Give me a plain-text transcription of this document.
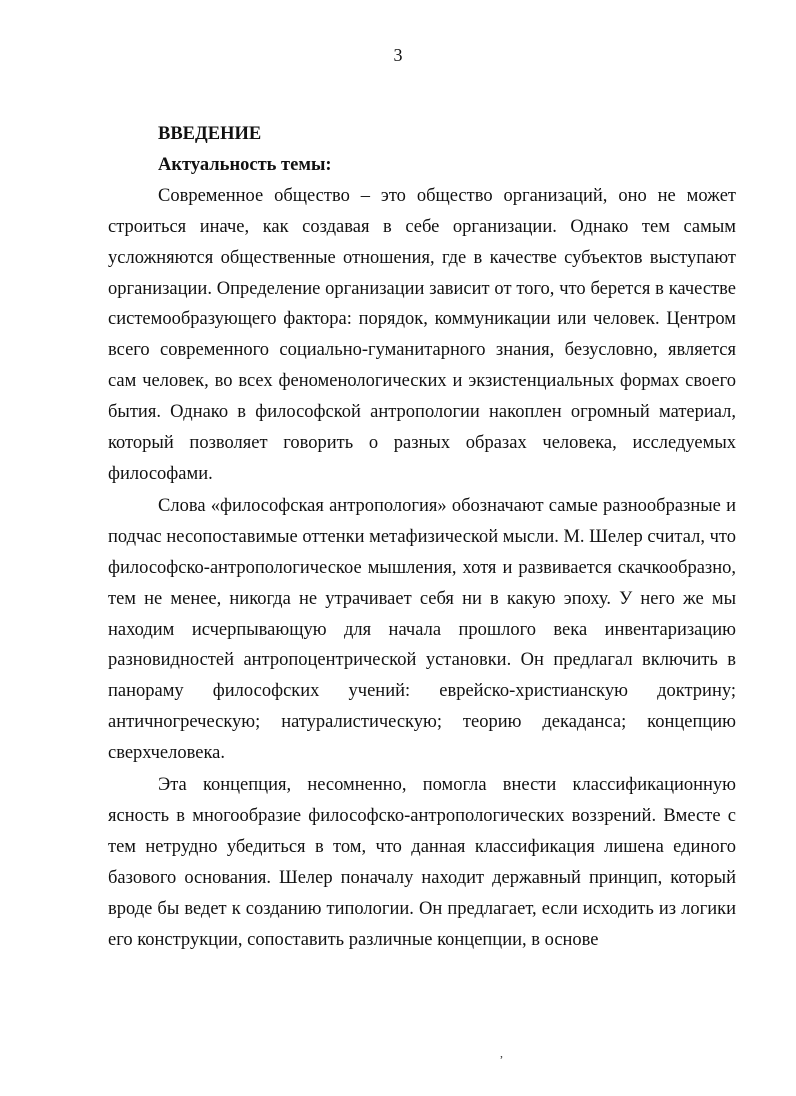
3

ВВЕДЕНИЕ

Актуальность темы:

Современное общество – это общество организаций, оно не может строиться иначе, как создавая в себе организации. Однако тем самым усложняются общественные отношения, где в качестве субъектов выступают организации. Определение организации зависит от того, что берется в качестве системообразующего фактора: порядок, коммуникации или человек. Центром всего современного социально-гуманитарного знания, безусловно, является сам человек, во всех феноменологических и экзистенциальных формах своего бытия. Однако в философской антропологии накоплен огромный материал, который позволяет говорить о разных образах человека, исследуемых философами.

Слова «философская антропология» обозначают самые разнообразные и подчас несопоставимые оттенки метафизической мысли. М. Шелер считал, что философско-антропологическое мышления, хотя и развивается скачкообразно, тем не менее, никогда не утрачивает себя ни в какую эпоху. У него же мы находим исчерпывающую для начала прошлого века инвентаризацию разновидностей антропоцентрической установки. Он предлагал включить в панораму философских учений: еврейско-христианскую доктрину; античногреческую; натуралистическую; теорию декаданса; концепцию сверхчеловека.

Эта концепция, несомненно, помогла внести классификационную ясность в многообразие философско-антропологических воззрений. Вместе с тем нетрудно убедиться в том, что данная классификация лишена единого базового основания. Шелер поначалу находит державный принцип, который вроде бы ведет к созданию типологии. Он предлагает, если исходить из логики его конструкции, сопоставить различные концепции, в основе

,
